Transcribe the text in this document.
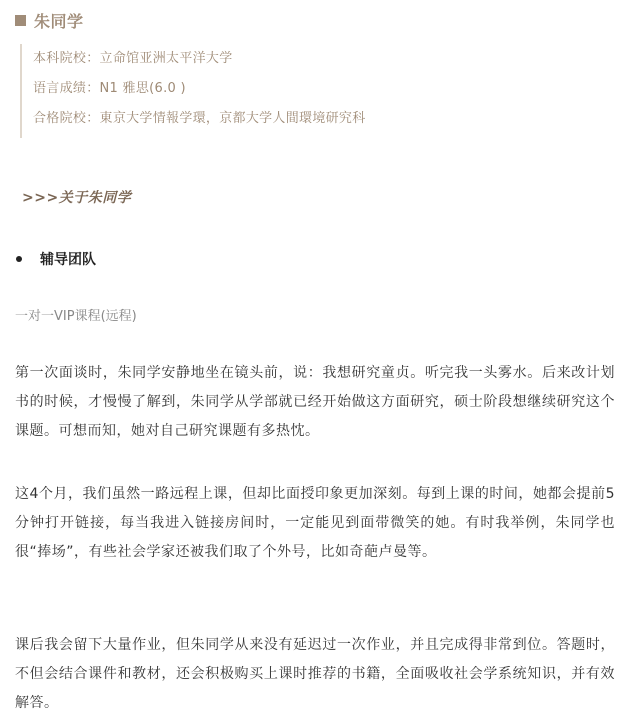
朱同学
本科院校：立命馆亚洲太平洋大学
语言成绩：N1 雅思(6.0 )
合格院校：東京大学情報学環，京都大学人間環境研究科
>>>关于朱同学
辅导团队
一对一VIP课程(远程)

第一次面谈时，朱同学安静地坐在镜头前，说：我想研究童贞。听完我一头雾水。后来改计划书的时候，才慢慢了解到，朱同学从学部就已经开始做这方面研究，硕士阶段想继续研究这个课题。可想而知，她对自己研究课题有多热忱。

这4个月，我们虽然一路远程上课，但却比面授印象更加深刻。每到上课的时间，她都会提前5分钟打开链接，每当我进入链接房间时，一定能见到面带微笑的她。有时我举例，朱同学也很“捧场”，有些社会学家还被我们取了个外号，比如奇葩卢曼等。

课后我会留下大量作业，但朱同学从来没有延迟过一次作业，并且完成得非常到位。答题时，不但会结合课件和教材，还会积极购买上课时推荐的书籍，全面吸收社会学系统知识，并有效解答。
